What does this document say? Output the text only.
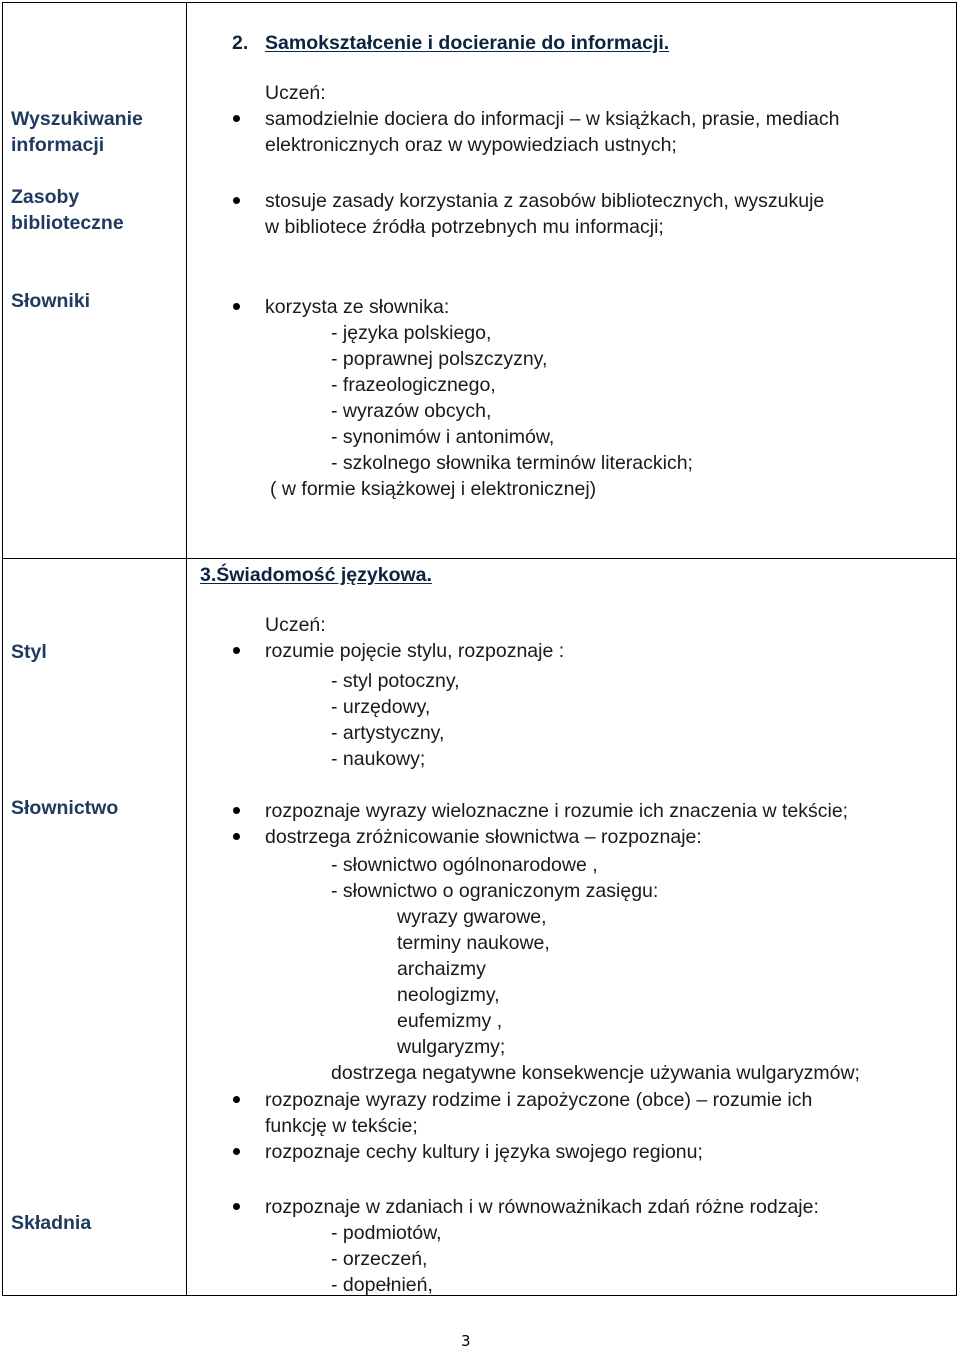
Wyszukiwanie
informacji
Zasoby
biblioteczne
Słowniki
Styl
Słownictwo
Składnia
2. Samokształcenie i docieranie do informacji.
Uczeń:
samodzielnie dociera do informacji – w książkach, prasie, mediach
elektronicznych oraz w wypowiedziach ustnych;
stosuje zasady korzystania z zasobów bibliotecznych, wyszukuje
w bibliotece źródła potrzebnych mu informacji;
korzysta ze słownika:
- języka polskiego,
- poprawnej polszczyzny,
- frazeologicznego,
- wyrazów obcych,
- synonimów i antonimów,
- szkolnego słownika terminów literackich;
( w formie książkowej i elektronicznej)
3.Świadomość językowa.
Uczeń:
rozumie pojęcie stylu, rozpoznaje :
- styl potoczny,
- urzędowy,
- artystyczny,
- naukowy;
rozpoznaje wyrazy wieloznaczne i rozumie ich znaczenia w tekście;
dostrzega zróżnicowanie słownictwa – rozpoznaje:
- słownictwo ogólnonarodowe ,
- słownictwo o ograniczonym zasięgu:
wyrazy gwarowe,
terminy naukowe,
archaizmy
neologizmy,
eufemizmy ,
wulgaryzmy;
dostrzega negatywne konsekwencje używania wulgaryzmów;
rozpoznaje wyrazy rodzime i zapożyczone (obce) – rozumie ich
funkcję w tekście;
rozpoznaje cechy kultury i języka swojego regionu;
rozpoznaje w zdaniach i w równoważnikach zdań różne rodzaje:
- podmiotów,
- orzeczeń,
- dopełnień,
3
